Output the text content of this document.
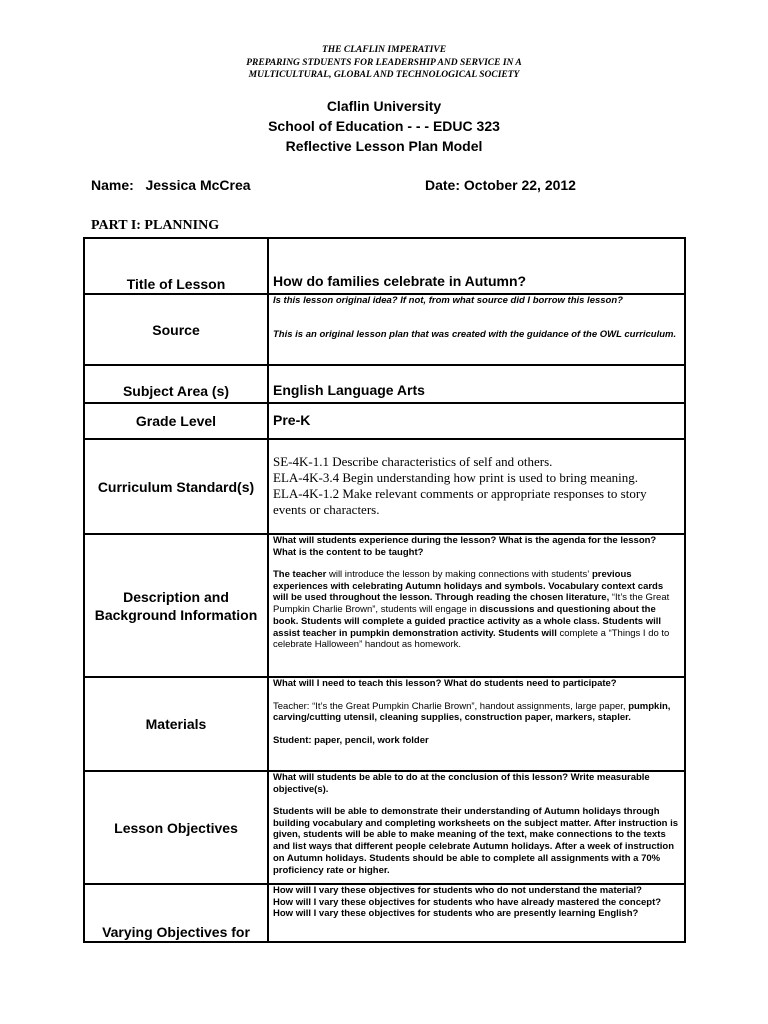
THE CLAFLIN IMPERATIVE
PREPARING STDUENTS FOR LEADERSHIP AND SERVICE IN A
MULTICULTURAL, GLOBAL AND TECHNOLOGICAL SOCIETY
Claflin University
School of Education - - - EDUC 323
Reflective Lesson Plan Model
Name: Jessica McCrea	Date: October 22, 2012
PART I: PLANNING
Title of Lesson	How do families celebrate in Autumn?
Source	Is this lesson original idea? If not, from what source did I borrow this lesson?

This is an original lesson plan that was created with the guidance of the OWL curriculum.

Subject Area (s)	English Language Arts
Grade Level	Pre-K
Curriculum Standard(s)	SE-4K-1.1 Describe characteristics of self and others.

ELA-4K-3.4 Begin understanding how print is used to bring meaning.

ELA-4K-1.2 Make relevant comments or appropriate responses to story events or characters.

Description and Background Information	What will students experience during the lesson? What is the agenda for the lesson? What is the content to be taught?

The teacher will introduce the lesson by making connections with students’ previous experiences with celebrating Autumn holidays and symbols. Vocabulary context cards will be used throughout the lesson. Through reading the chosen literature, “It’s the Great Pumpkin Charlie Brown”, students will engage in discussions and questioning about the book. Students will complete a guided practice activity as a whole class. Students will assist teacher in pumpkin demonstration activity. Students will complete a “Things I do to celebrate Halloween” handout as homework.

Materials	What will I need to teach this lesson? What do students need to participate?

Teacher: “It’s the Great Pumpkin Charlie Brown”, handout assignments, large paper, pumpkin, carving/cutting utensil, cleaning supplies, construction paper, markers, stapler.

Student: paper, pencil, work folder

Lesson Objectives	What will students be able to do at the conclusion of this lesson? Write measurable objective(s).

Students will be able to demonstrate their understanding of Autumn holidays through building vocabulary and completing worksheets on the subject matter. After instruction is given, students will be able to make meaning of the text, make connections to the texts and list ways that different people celebrate Autumn holidays. After a week of instruction on Autumn holidays. Students should be able to complete all assignments with a 70% proficiency rate or higher.

Varying Objectives for	How will I vary these objectives for students who do not understand the material?

How will I vary these objectives for students who have already mastered the concept?

How will I vary these objectives for students who are presently learning English?
